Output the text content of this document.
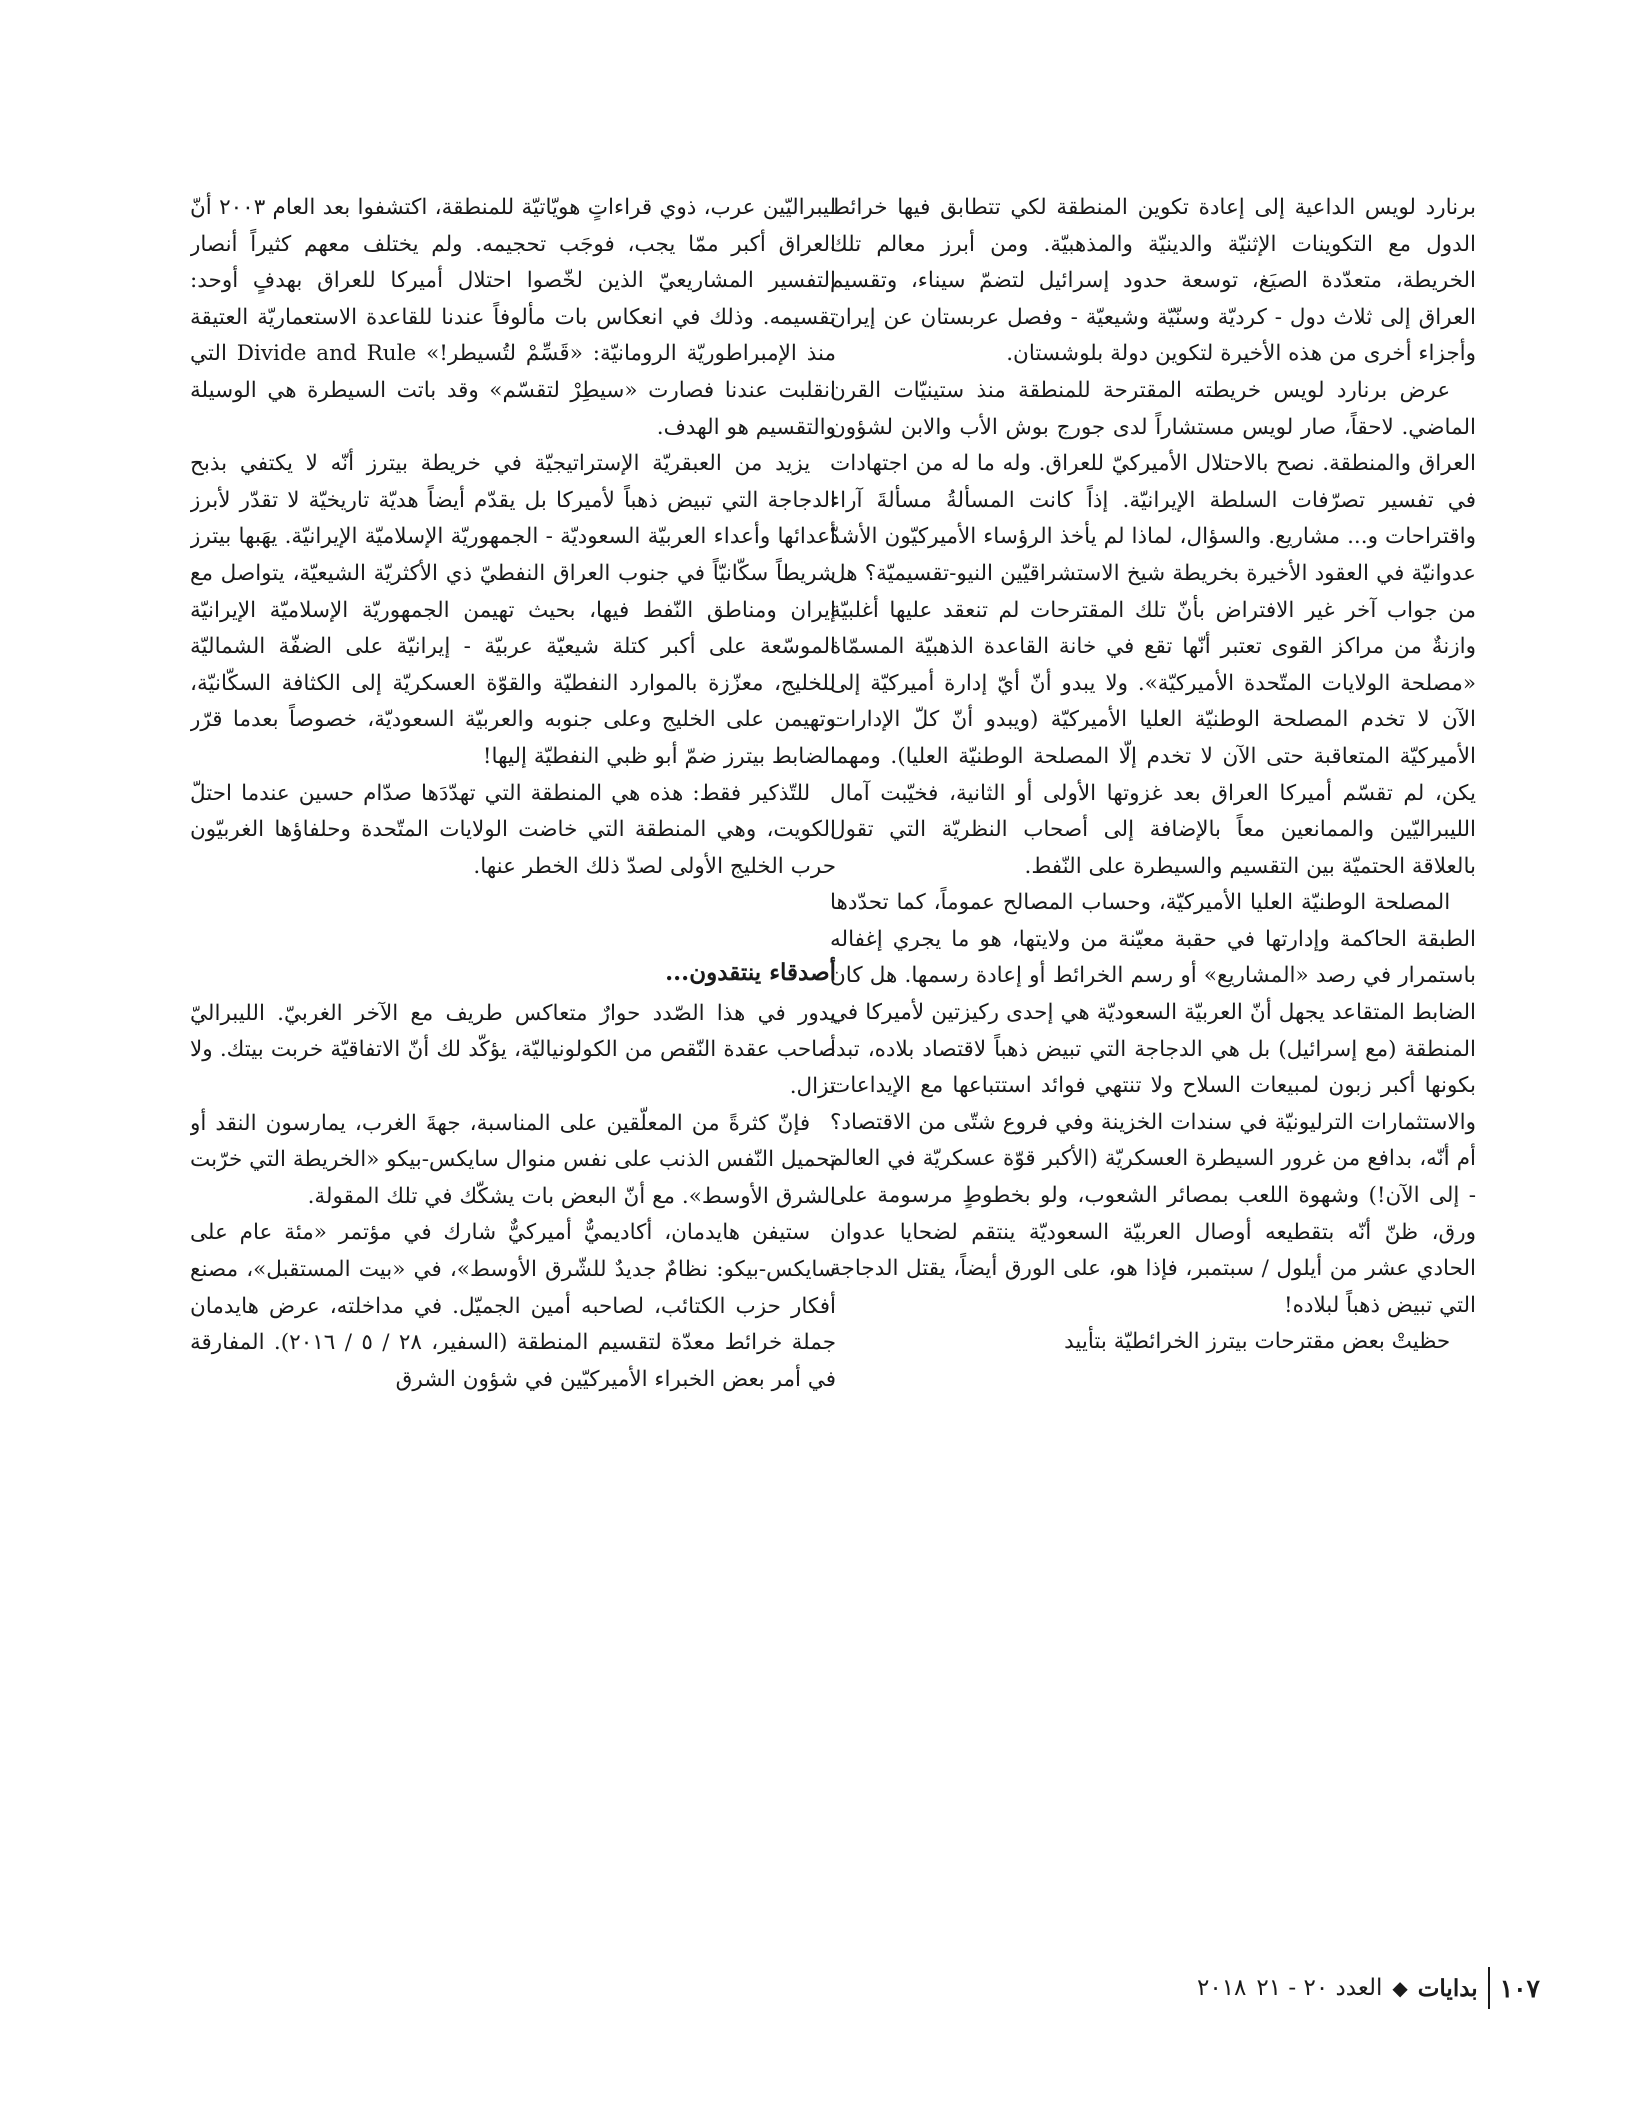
برنارد لويس الداعية إلى إعادة تكوين المنطقة لكي تتطابق فيها خرائط الدول مع التكوينات الإثنيّة والدينيّة والمذهبيّة. ومن أبرز معالم تلك الخريطة، متعدّدة الصيَغ، توسعة حدود إسرائيل لتضمّ سيناء، وتقسيم العراق إلى ثلاث دول - كرديّة وسنّيّة وشيعيّة - وفصل عربستان عن إيران وأجزاء أخرى من هذه الأخيرة لتكوين دولة بلوشستان.

عرض برنارد لويس خريطته المقترحة للمنطقة منذ ستينيّات القرن الماضي. لاحقاً، صار لويس مستشاراً لدى جورج بوش الأب والابن لشؤون العراق والمنطقة. نصح بالاحتلال الأميركيّ للعراق. وله ما له من اجتهادات في تفسير تصرّفات السلطة الإيرانيّة. إذاً كانت المسألةُ مسألةَ آراء واقتراحات و... مشاريع. والسؤال، لماذا لم يأخذ الرؤساء الأميركيّون الأشدّ عدوانيّة في العقود الأخيرة بخريطة شيخ الاستشراقيّين النيو-تقسيميّة؟ هل من جواب آخر غير الافتراض بأنّ تلك المقترحات لم تنعقد عليها أغلبيّة وازنةٌ من مراكز القوى تعتبر أنّها تقع في خانة القاعدة الذهبيّة المسمّاة «مصلحة الولايات المتّحدة الأميركيّة». ولا يبدو أنّ أيّ إدارة أميركيّة إلى الآن لا تخدم المصلحة الوطنيّة العليا الأميركيّة (ويبدو أنّ كلّ الإدارات الأميركيّة المتعاقبة حتى الآن لا تخدم إلّا المصلحة الوطنيّة العليا). ومهما يكن، لم تقسّم أميركا العراق بعد غزوتها الأولى أو الثانية، فخيّبت آمال الليبراليّين والممانعين معاً بالإضافة إلى أصحاب النظريّة التي تقول بالعلاقة الحتميّة بين التقسيم والسيطرة على النّفط.

المصلحة الوطنيّة العليا الأميركيّة، وحساب المصالح عموماً، كما تحدّدها الطبقة الحاكمة وإدارتها في حقبة معيّنة من ولايتها، هو ما يجري إغفاله باستمرار في رصد «المشاريع» أو رسم الخرائط أو إعادة رسمها. هل كان الضابط المتقاعد يجهل أنّ العربيّة السعوديّة هي إحدى ركيزتين لأميركا في المنطقة (مع إسرائيل) بل هي الدجاجة التي تبيض ذهباً لاقتصاد بلاده، تبدأ بكونها أكبر زبون لمبيعات السلاح ولا تنتهي فوائد استتباعها مع الإيداعات والاستثمارات الترليونيّة في سندات الخزينة وفي فروع شتّى من الاقتصاد؟ أم أنّه، بدافع من غرور السيطرة العسكريّة (الأكبر قوّة عسكريّة في العالم - إلى الآن!) وشهوة اللعب بمصائر الشعوب، ولو بخطوطٍ مرسومة على ورق، ظنّ أنّه بتقطيعه أوصال العربيّة السعوديّة ينتقم لضحايا عدوان الحادي عشر من أيلول / سبتمبر، فإذا هو، على الورق أيضاً، يقتل الدجاجة التي تبيض ذهباً لبلاده!

حظيتْ بعض مقترحات بيترز الخرائطيّة بتأييد

ليبراليّين عرب، ذوي قراءاتٍ هويّاتيّة للمنطقة، اكتشفوا بعد العام ٢٠٠٣ أنّ العراق أكبر ممّا يجب، فوجَب تحجيمه. ولم يختلف معهم كثيراً أنصار التفسير المشاريعيّ الذين لخّصوا احتلال أميركا للعراق بهدفٍ أوحد: تقسيمه. وذلك في انعكاس بات مألوفاً عندنا للقاعدة الاستعماريّة العتيقة منذ الإمبراطوريّة الرومانيّة: «قَسِّمْ لتُسيطر!» Divide and Rule التي انقلبت عندنا فصارت «سيطِرْ لتقسّم» وقد باتت السيطرة هي الوسيلة والتقسيم هو الهدف.

يزيد من العبقريّة الإستراتيجيّة في خريطة بيترز أنّه لا يكتفي بذبح الدجاجة التي تبيض ذهباً لأميركا بل يقدّم أيضاً هديّة تاريخيّة لا تقدّر لأبرز أعدائها وأعداء العربيّة السعوديّة - الجمهوريّة الإسلاميّة الإيرانيّة. يهَبها بيترز شريطاً سكّانيّاً في جنوب العراق النفطيّ ذي الأكثريّة الشيعيّة، يتواصل مع إيران ومناطق النّفط فيها، بحيث تهيمن الجمهوريّة الإسلاميّة الإيرانيّة الموسّعة على أكبر كتلة شيعيّة عربيّة - إيرانيّة على الضفّة الشماليّة للخليج، معزّزة بالموارد النفطيّة والقوّة العسكريّة إلى الكثافة السكّانيّة، وتهيمن على الخليج وعلى جنوبه والعربيّة السعوديّة، خصوصاً بعدما قرّر الضابط بيترز ضمّ أبو ظبي النفطيّة إليها!

للتّذكير فقط: هذه هي المنطقة التي تهدّدَها صدّام حسين عندما احتلّ الكويت، وهي المنطقة التي خاضت الولايات المتّحدة وحلفاؤها الغربيّون حرب الخليج الأولى لصدّ ذلك الخطر عنها.

أصدقاء ينتقدون...

يدور في هذا الصّدد حوارٌ متعاكس طريف مع الآخر الغربيّ. الليبراليّ صاحب عقدة النّقص من الكولونياليّة، يؤكّد لك أنّ الاتفاقيّة خربت بيتك. ولا تزال.

فإنّ كثرةً من المعلّقين على المناسبة، جهةَ الغرب، يمارسون النقد أو تحميل النّفس الذنب على نفس منوال سايكس-بيكو «الخريطة التي خرّبت الشرق الأوسط». مع أنّ البعض بات يشكّك في تلك المقولة.

ستيفن هايدمان، أكاديميٌّ أميركيٌّ شارك في مؤتمر «مئة عام على سايكس-بيكو: نظامٌ جديدٌ للشّرق الأوسط»، في «بيت المستقبل»، مصنع أفكار حزب الكتائب، لصاحبه أمين الجميّل. في مداخلته، عرض هايدمان جملة خرائط معدّة لتقسيم المنطقة (السفير، ٢٨ / ٥ / ٢٠١٦). المفارقة في أمر بعض الخبراء الأميركيّين في شؤون الشرق

١٠٧
بدايات
◆
العدد ٢٠ - ٢١
٢٠١٨
